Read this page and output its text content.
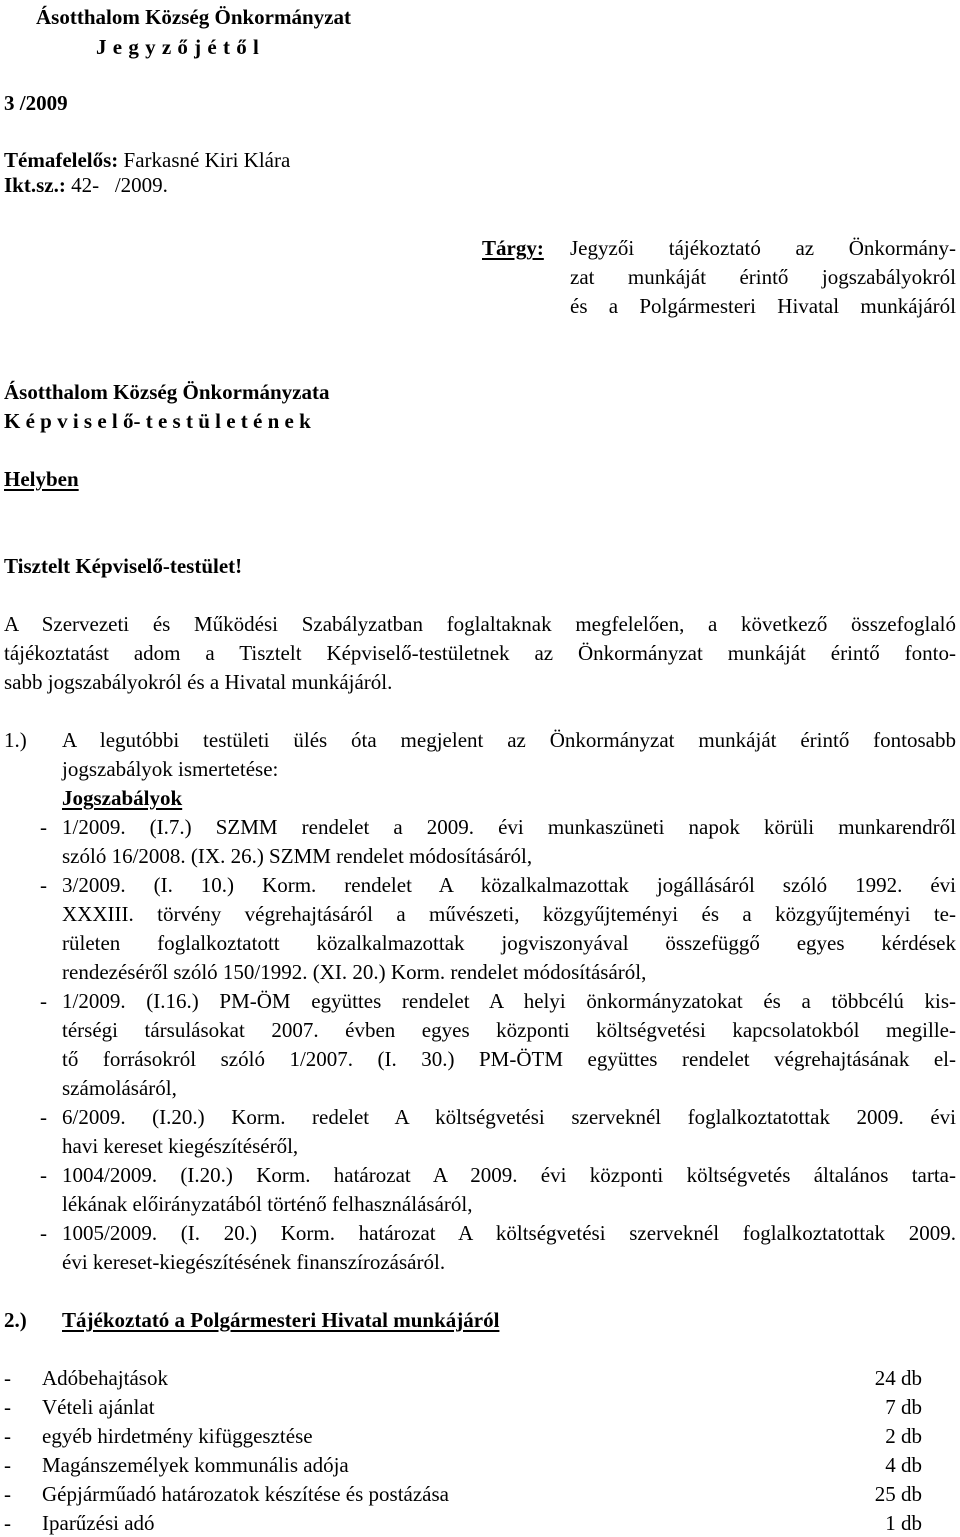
Ásotthalom Község Önkormányzat
J e g y z ő j é t ő l
3 /2009
Témafelelős: Farkasné Kiri Klára
Ikt.sz.: 42-   /2009.
Tárgy: Jegyzői tájékoztató az Önkormány-
zat munkáját érintő jogszabályokról
és a Polgármesteri Hivatal munkájáról
Ásotthalom Község Önkormányzata
K é p v i s e l ő- t e s t ü l e t é n e k
Helyben
Tisztelt Képviselő-testület!
A Szervezeti és Működési Szabályzatban foglaltaknak megfelelően, a következő összefoglaló
tájékoztatást adom a Tisztelt Képviselő-testületnek az Önkormányzat munkáját érintő fonto-
sabb jogszabályokról és a Hivatal munkájáról.
1.) A legutóbbi testületi ülés óta megjelent az Önkormányzat munkáját érintő fontosabb
jogszabályok ismertetése:
Jogszabályok
- 1/2009. (I.7.) SZMM rendelet a 2009. évi munkaszüneti napok körüli munkarendről
szóló 16/2008. (IX. 26.) SZMM rendelet módosításáról,
- 3/2009. (I. 10.) Korm. rendelet A közalkalmazottak jogállásáról szóló 1992. évi
XXXIII. törvény végrehajtásáról a művészeti, közgyűjteményi és a közgyűjteményi te-
rületen foglalkoztatott közalkalmazottak jogviszonyával összefüggő egyes kérdések
rendezéséről szóló 150/1992. (XI. 20.) Korm. rendelet módosításáról,
- 1/2009. (I.16.) PM-ÖM együttes rendelet A helyi önkormányzatokat és a többcélú kis-
térségi társulásokat 2007. évben egyes központi költségvetési kapcsolatokból megille-
tő forrásokról szóló 1/2007. (I. 30.) PM-ÖTM együttes rendelet végrehajtásának el-
számolásáról,
- 6/2009. (I.20.) Korm. redelet A költségvetési szerveknél foglalkoztatottak 2009. évi
havi kereset kiegészítéséről,
- 1004/2009. (I.20.) Korm. határozat A 2009. évi központi költségvetés általános tarta-
lékának előirányzatából történő felhasználásáról,
- 1005/2009. (I. 20.) Korm. határozat A költségvetési szerveknél foglalkoztatottak 2009.
évi kereset-kiegészítésének finanszírozásáról.
2.) Tájékoztató a Polgármesteri Hivatal munkájáról
- Adóbehajtások	24 db
- Vételi ajánlat	7 db
- egyéb hirdetmény kifüggesztése	2 db
- Magánszemélyek kommunális adója	4 db
- Gépjárműadó határozatok készítése és postázása	25 db
- Iparűzési adó	1 db
